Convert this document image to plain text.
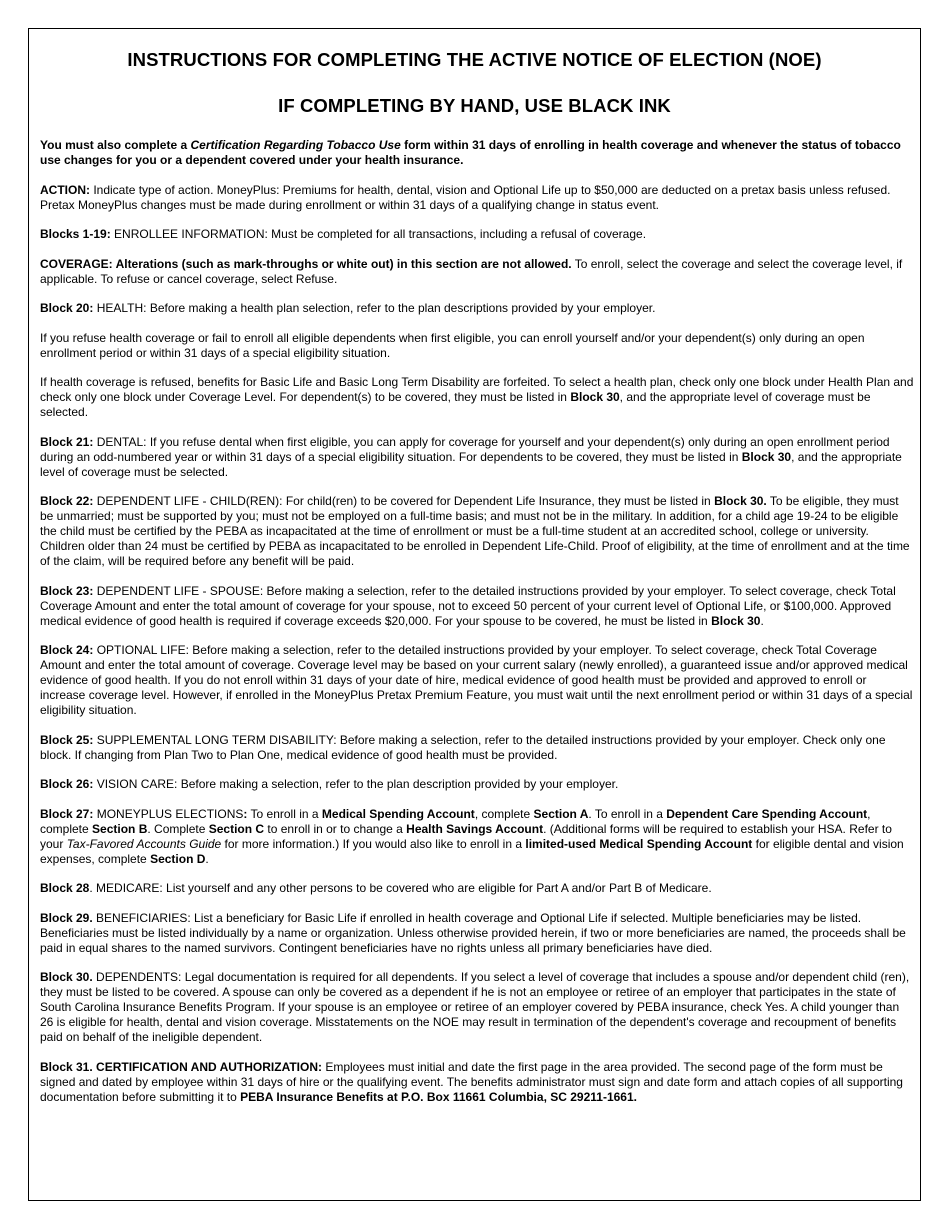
INSTRUCTIONS FOR COMPLETING THE ACTIVE NOTICE OF ELECTION (NOE)
IF COMPLETING BY HAND, USE BLACK INK

You must also complete a Certification Regarding Tobacco Use form within 31 days of enrolling in health coverage and whenever the status of tobacco use changes for you or a dependent covered under your health insurance.

ACTION: Indicate type of action. MoneyPlus: Premiums for health, dental, vision and Optional Life up to $50,000 are deducted on a pretax basis unless refused. Pretax MoneyPlus changes must be made during enrollment or within 31 days of a qualifying change in status event.

Blocks 1-19: ENROLLEE INFORMATION: Must be completed for all transactions, including a refusal of coverage.

COVERAGE: Alterations (such as mark-throughs or white out) in this section are not allowed. To enroll, select the coverage and select the coverage level, if applicable. To refuse or cancel coverage, select Refuse.

Block 20: HEALTH: Before making a health plan selection, refer to the plan descriptions provided by your employer.

If you refuse health coverage or fail to enroll all eligible dependents when first eligible, you can enroll yourself and/or your dependent(s) only during an open enrollment period or within 31 days of a special eligibility situation.

If health coverage is refused, benefits for Basic Life and Basic Long Term Disability are forfeited. To select a health plan, check only one block under Health Plan and check only one block under Coverage Level. For dependent(s) to be covered, they must be listed in Block 30, and the appropriate level of coverage must be selected.

Block 21: DENTAL: If you refuse dental when first eligible, you can apply for coverage for yourself and your dependent(s) only during an open enrollment period during an odd-numbered year or within 31 days of a special eligibility situation. For dependents to be covered, they must be listed in Block 30, and the appropriate level of coverage must be selected.

Block 22: DEPENDENT LIFE - CHILD(REN): For child(ren) to be covered for Dependent Life Insurance, they must be listed in Block 30. To be eligible, they must be unmarried; must be supported by you; must not be employed on a full-time basis; and must not be in the military. In addition, for a child age 19-24 to be eligible the child must be certified by the PEBA as incapacitated at the time of enrollment or must be a full-time student at an accredited school, college or university. Children older than 24 must be certified by PEBA as incapacitated to be enrolled in Dependent Life-Child. Proof of eligibility, at the time of enrollment and at the time of the claim, will be required before any benefit will be paid.

Block 23: DEPENDENT LIFE - SPOUSE: Before making a selection, refer to the detailed instructions provided by your employer. To select coverage, check Total Coverage Amount and enter the total amount of coverage for your spouse, not to exceed 50 percent of your current level of Optional Life, or $100,000. Approved medical evidence of good health is required if coverage exceeds $20,000. For your spouse to be covered, he must be listed in Block 30.

Block 24: OPTIONAL LIFE: Before making a selection, refer to the detailed instructions provided by your employer. To select coverage, check Total Coverage Amount and enter the total amount of coverage. Coverage level may be based on your current salary (newly enrolled), a guaranteed issue and/or approved medical evidence of good health. If you do not enroll within 31 days of your date of hire, medical evidence of good health must be provided and approved to enroll or increase coverage level. However, if enrolled in the MoneyPlus Pretax Premium Feature, you must wait until the next enrollment period or within 31 days of a special eligibility situation.

Block 25: SUPPLEMENTAL LONG TERM DISABILITY: Before making a selection, refer to the detailed instructions provided by your employer. Check only one block. If changing from Plan Two to Plan One, medical evidence of good health must be provided.

Block 26: VISION CARE: Before making a selection, refer to the plan description provided by your employer.

Block 27: MONEYPLUS ELECTIONS: To enroll in a Medical Spending Account, complete Section A. To enroll in a Dependent Care Spending Account, complete Section B. Complete Section C to enroll in or to change a Health Savings Account. (Additional forms will be required to establish your HSA. Refer to your Tax-Favored Accounts Guide for more information.) If you would also like to enroll in a limited-used Medical Spending Account for eligible dental and vision expenses, complete Section D.

Block 28. MEDICARE: List yourself and any other persons to be covered who are eligible for Part A and/or Part B of Medicare.

Block 29. BENEFICIARIES: List a beneficiary for Basic Life if enrolled in health coverage and Optional Life if selected. Multiple beneficiaries may be listed. Beneficiaries must be listed individually by a name or organization. Unless otherwise provided herein, if two or more beneficiaries are named, the proceeds shall be paid in equal shares to the named survivors. Contingent beneficiaries have no rights unless all primary beneficiaries have died.

Block 30. DEPENDENTS: Legal documentation is required for all dependents. If you select a level of coverage that includes a spouse and/or dependent child (ren), they must be listed to be covered. A spouse can only be covered as a dependent if he is not an employee or retiree of an employer that participates in the state of South Carolina Insurance Benefits Program. If your spouse is an employee or retiree of an employer covered by PEBA insurance, check Yes. A child younger than 26 is eligible for health, dental and vision coverage. Misstatements on the NOE may result in termination of the dependent's coverage and recoupment of benefits paid on behalf of the ineligible dependent.

Block 31. CERTIFICATION AND AUTHORIZATION: Employees must initial and date the first page in the area provided. The second page of the form must be signed and dated by employee within 31 days of hire or the qualifying event. The benefits administrator must sign and date form and attach copies of all supporting documentation before submitting it to PEBA Insurance Benefits at P.O. Box 11661 Columbia, SC 29211-1661.
